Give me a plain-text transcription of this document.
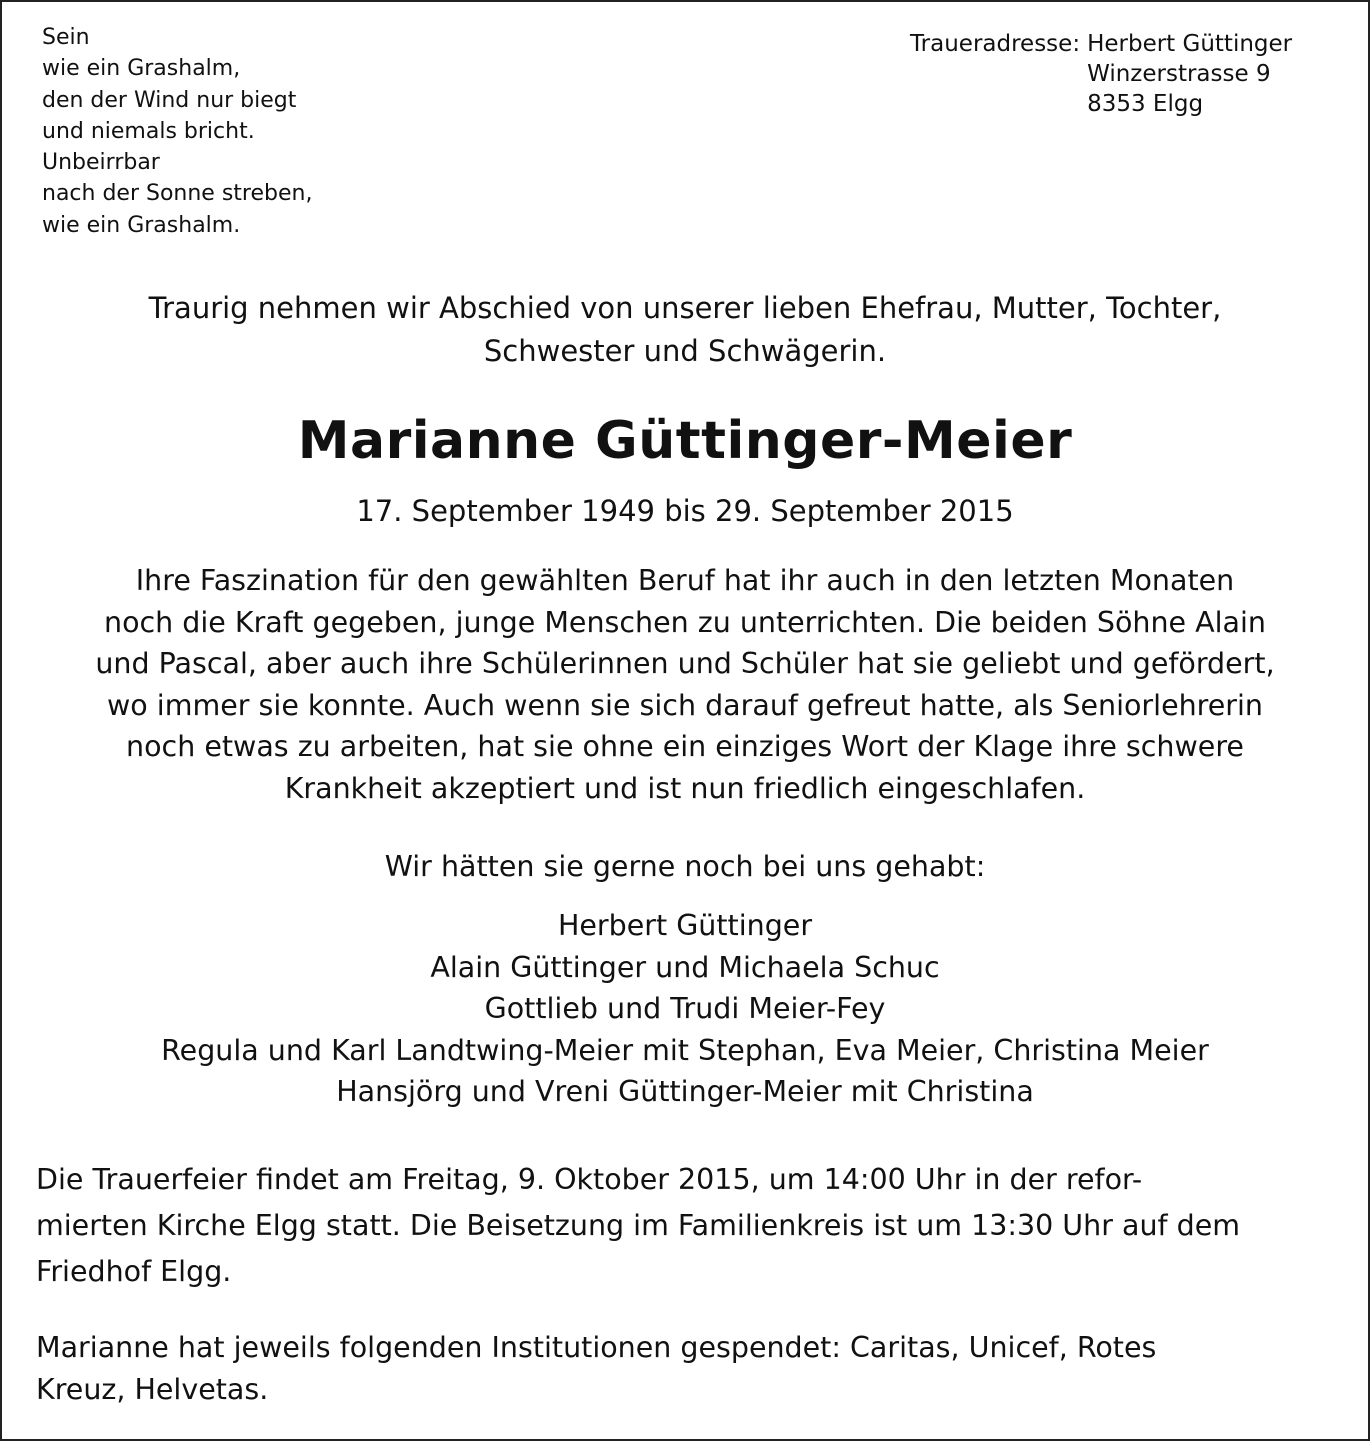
Sein
wie ein Grashalm,
den der Wind nur biegt
und niemals bricht.
Unbeirrbar
nach der Sonne streben,
wie ein Grashalm.
Traueradresse: Herbert Güttinger
Winzerstrasse 9
8353 Elgg
Traurig nehmen wir Abschied von unserer lieben Ehefrau, Mutter, Tochter,
Schwester und Schwägerin.
Marianne Güttinger-Meier
17. September 1949 bis 29. September 2015
Ihre Faszination für den gewählten Beruf hat ihr auch in den letzten Monaten
noch die Kraft gegeben, junge Menschen zu unterrichten. Die beiden Söhne Alain
und Pascal, aber auch ihre Schülerinnen und Schüler hat sie geliebt und gefördert,
wo immer sie konnte. Auch wenn sie sich darauf gefreut hatte, als Seniorlehrerin
noch etwas zu arbeiten, hat sie ohne ein einziges Wort der Klage ihre schwere
Krankheit akzeptiert und ist nun friedlich eingeschlafen.
Wir hätten sie gerne noch bei uns gehabt:
Herbert Güttinger
Alain Güttinger und Michaela Schuc
Gottlieb und Trudi Meier-Fey
Regula und Karl Landtwing-Meier mit Stephan, Eva Meier, Christina Meier
Hansjörg und Vreni Güttinger-Meier mit Christina
Die Trauerfeier findet am Freitag, 9. Oktober 2015, um 14:00 Uhr in der refor-
mierten Kirche Elgg statt. Die Beisetzung im Familienkreis ist um 13:30 Uhr auf dem
Friedhof Elgg.
Marianne hat jeweils folgenden Institutionen gespendet: Caritas, Unicef, Rotes
Kreuz, Helvetas.
